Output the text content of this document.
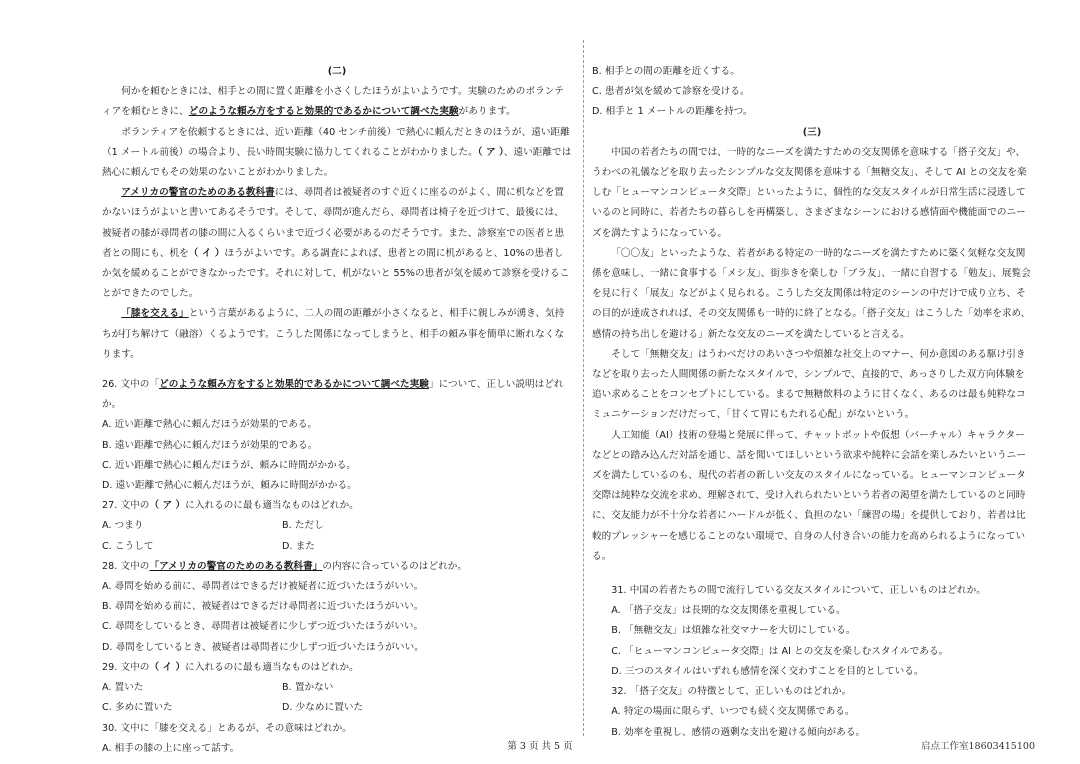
(二)

何かを頼むときには、相手との間に置く距離を小さくしたほうがよいようです。実験のためのボランティアを頼むときに、どのような頼み方をすると効果的であるかについて調べた実験があります。

ボランティアを依頼するときには、近い距離（40 センチ前後）で熱心に頼んだときのほうが、遠い距離（1 メートル前後）の場合より、長い時間実験に協力してくれることがわかりました。（ ア ）、遠い距離では熱心に頼んでもその効果のないことがわかりました。

アメリカの警官のためのある教科書には、尋問者は被疑者のすぐ近くに座るのがよく、間に机などを置かないほうがよいと書いてあるそうです。そして、尋問が進んだら、尋問者は椅子を近づけて、最後には、被疑者の膝が尋問者の膝の間に入るくらいまで近づく必要があるのだそうです。また、診察室での医者と患者との間にも、机を（ イ ）ほうがよいです。ある調査によれば、患者との間に机があると、10%の患者しか気を緩めることができなかったです。それに対して、机がないと 55%の患者が気を緩めて診察を受けることができたのでした。

「膝を交える」という言葉があるように、二人の間の距離が小さくなると、相手に親しみが湧き、気持ちが打ち解けて（融溶）くるようです。こうした関係になってしまうと、相手の頼み事を簡単に断れなくなります。

26. 文中の「どのような頼み方をすると効果的であるかについて調べた実験」について、正しい説明はどれか。

A. 近い距離で熱心に頼んだほうが効果的である。

B. 遠い距離で熱心に頼んだほうが効果的である。

C. 近い距離で熱心に頼んだほうが、頼みに時間がかかる。

D. 遠い距離で熱心に頼んだほうが、頼みに時間がかかる。

27. 文中の（ ア ）に入れるのに最も適当なものはどれか。

A. つまり	B. ただし
C. こうして	D. また

28. 文中の「アメリカの警官のためのある教科書」の内容に合っているのはどれか。

A. 尋問を始める前に、尋問者はできるだけ被疑者に近づいたほうがいい。

B. 尋問を始める前に、被疑者はできるだけ尋問者に近づいたほうがいい。

C. 尋問をしているとき、尋問者は被疑者に少しずつ近づいたほうがいい。

D. 尋問をしているとき、被疑者は尋問者に少しずつ近づいたほうがいい。

29. 文中の（ イ ）に入れるのに最も適当なものはどれか。

A. 置いた	B. 置かない
C. 多めに置いた	D. 少なめに置いた

30. 文中に「膝を交える」とあるが、その意味はどれか。

A. 相手の膝の上に座って話す。

B. 相手との間の距離を近くする。

C. 患者が気を緩めて診察を受ける。

D. 相手と 1 メートルの距離を持つ。

(三)

中国の若者たちの間では、一時的なニーズを満たすための交友関係を意味する「搭子交友」や、うわべの礼儀などを取り去ったシンプルな交友関係を意味する「無糖交友」、そして AI との交友を楽しむ「ヒューマンコンピュータ交際」といったように、個性的な交友スタイルが日常生活に浸透しているのと同時に、若者たちの暮らしを再構築し、さまざまなシーンにおける感情面や機能面でのニーズを満たすようになっている。

「〇〇友」といったような、若者がある特定の一時的なニーズを満たすために築く気軽な交友関係を意味し、一緒に食事する「メシ友」、街歩きを楽しむ「ブラ友」、一緒に自習する「勉友」、展覧会を見に行く「展友」などがよく見られる。こうした交友関係は特定のシーンの中だけで成り立ち、その目的が達成されれば、その交友関係も一時的に終了となる。「搭子交友」はこうした「効率を求め、感情の持ち出しを避ける」新たな交友のニーズを満たしていると言える。

そして「無糖交友」はうわべだけのあいさつや煩雑な社交上のマナー、何か意図のある駆け引きなどを取り去った人間関係の新たなスタイルで、シンプルで、直接的で、あっさりした双方向体験を追い求めることをコンセプトにしている。まるで無糖飲料のように甘くなく、あるのは最も純粋なコミュニケーションだけだって、「甘くて胃にもたれる心配」がないという。

人工知能（AI）技術の登場と発展に伴って、チャットボットや仮想（バーチャル）キャラクターなどとの踏み込んだ対話を通じ、話を聞いてほしいという欲求や純粋に会話を楽しみたいというニーズを満たしているのも、現代の若者の新しい交友のスタイルになっている。ヒューマンコンピュータ交際は純粋な交流を求め、理解されて、受け入れられたいという若者の渇望を満たしているのと同時に、交友能力が不十分な若者にハードルが低く、負担のない「練習の場」を提供しており、若者は比較的プレッシャーを感じることのない環境で、自身の人付き合いの能力を高められるようになっている。

31. 中国の若者たちの間で流行している交友スタイルについて、正しいものはどれか。

A. 「搭子交友」は長期的な交友関係を重視している。

B. 「無糖交友」は煩雑な社交マナーを大切にしている。

C. 「ヒューマンコンピュータ交際」は AI との交友を楽しむスタイルである。

D. 三つのスタイルはいずれも感情を深く交わすことを目的としている。

32. 「搭子交友」の特徴として、正しいものはどれか。

A. 特定の場面に限らず、いつでも続く交友関係である。

B. 効率を重視し、感情の過剰な支出を避ける傾向がある。

第 3 页 共 5 页	启点工作室18603415100
